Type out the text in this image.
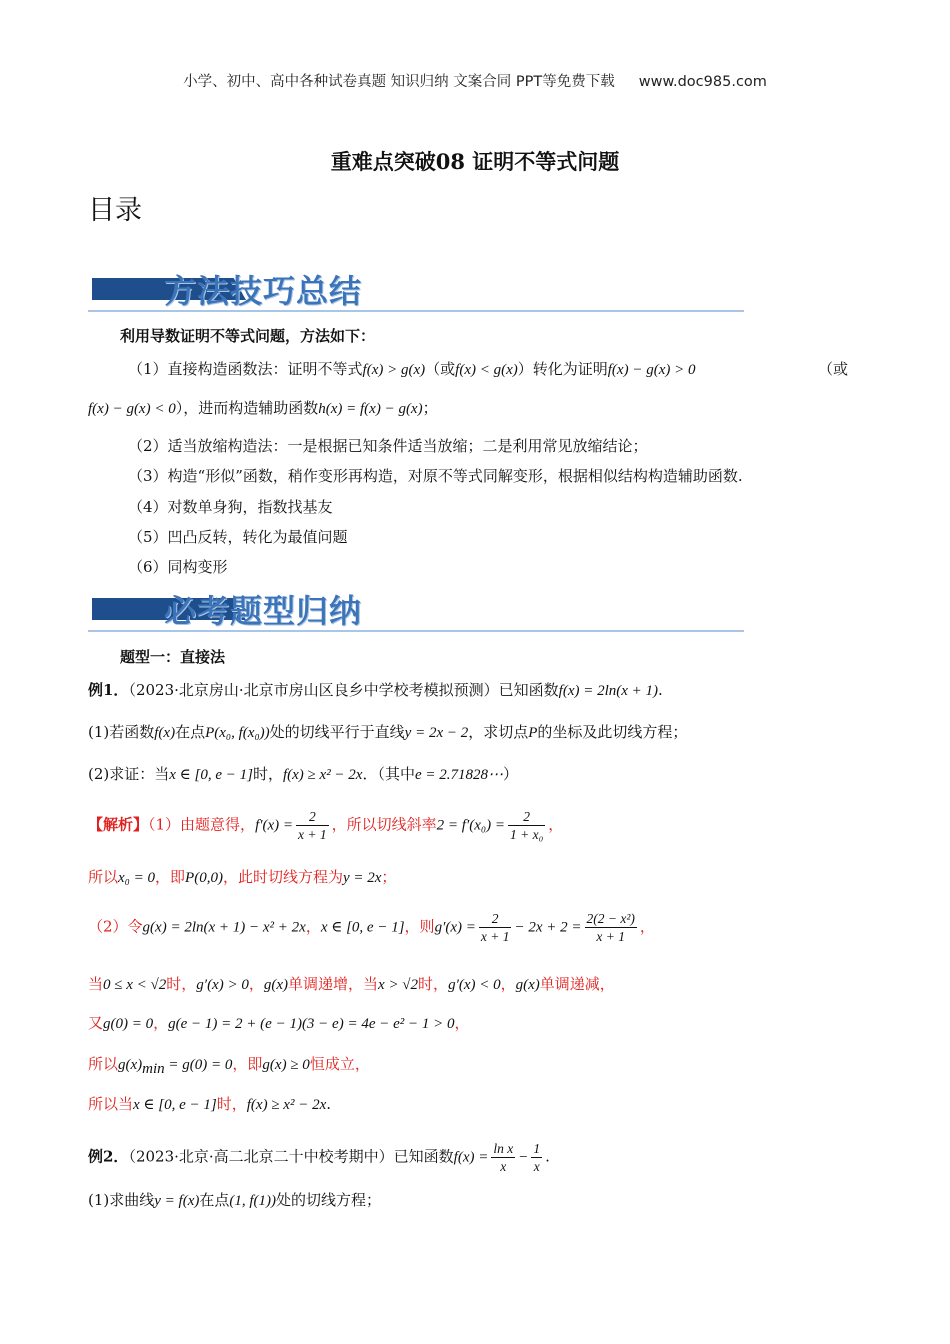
小学、初中、高中各种试卷真题 知识归纳 文案合同 PPT等免费下载 www.doc985.com
重难点突破08 证明不等式问题
目录
方法技巧总结
利用导数证明不等式问题，方法如下：
（1）直接构造函数法：证明不等式f(x) > g(x)（或f(x) < g(x)）转化为证明f(x) − g(x) > 0	（或
f(x) − g(x) < 0），进而构造辅助函数h(x) = f(x) − g(x)；
（2）适当放缩构造法：一是根据已知条件适当放缩；二是利用常见放缩结论；
（3）构造“形似”函数，稍作变形再构造，对原不等式同解变形，根据相似结构构造辅助函数.
（4）对数单身狗，指数找基友
（5）凹凸反转，转化为最值问题
（6）同构变形
必考题型归纳
题型一：直接法
例1．（2023·北京房山·北京市房山区良乡中学校考模拟预测）已知函数f(x) = 2ln(x + 1).
(1)若函数f(x)在点P(x₀, f(x₀))处的切线平行于直线y = 2x − 2，求切点P的坐标及此切线方程；
(2)求证：当x ∈ [0, e − 1]时，f(x) ≥ x² − 2x．（其中e = 2.71828⋯）
【解析】（1）由题意得，$f'(x) = \frac{2}{x + 1}$ ，所以切线斜率$2 = f'(x_0) = \frac{2}{\text{1 + x₀}}$ ，
所以x₀ = 0，即P(0,0)，此时切线方程为y = 2x；
（2）令g(x) = 2ln(x + 1) − x² + 2x，x ∈ [0, e − 1]，则$g'(x) = \frac{2}{x + 1} - 2x + 2 = \frac{\text{2(2 − x²)}}{x + 1}$ ，
当0 ≤ x < √2时，g′(x) > 0，g(x)单调递增，当x > √2时，g′(x) < 0，g(x)单调递减，
又g(0) = 0，g(e − 1) = 2 + (e − 1)(3 − e) = 4e − e² − 1 > 0，
所以$g(x)_{min} = g(0) = 0$，即g(x) ≥ 0恒成立，
所以当x ∈ [0, e − 1]时，f(x) ≥ x² − 2x.
例2．（2023·北京·高二北京二十中校考期中）已知函数$f(x) = \frac{\text{ln x}}{x} - \frac{1}{x}$ .
(1)求曲线y = f(x)在点(1, f(1))处的切线方程；
